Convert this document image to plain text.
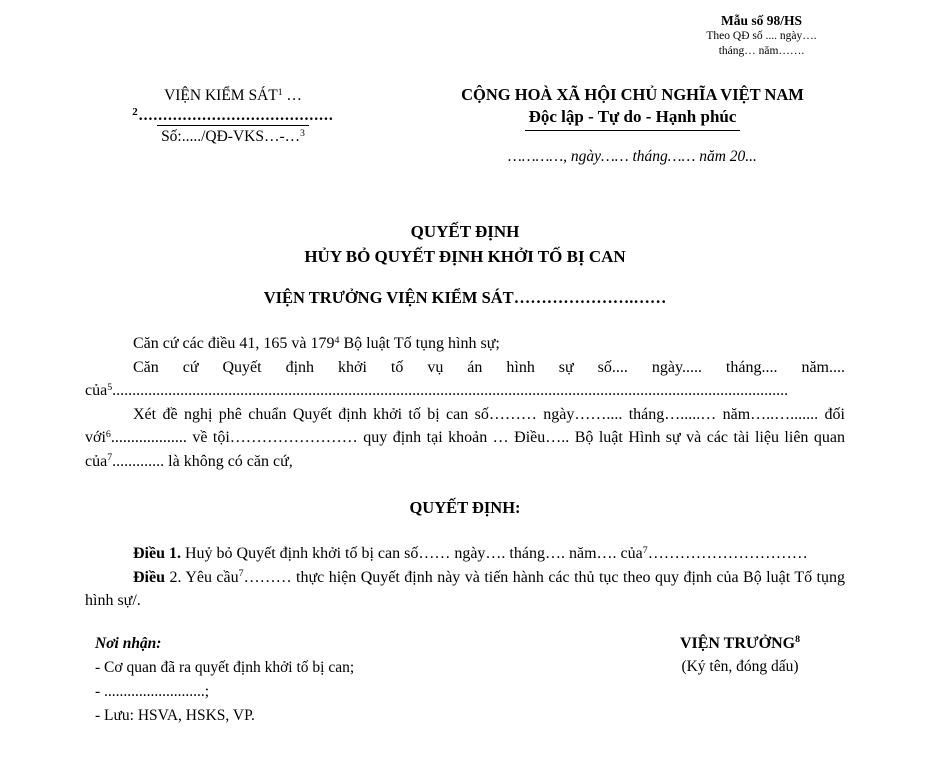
Mẫu số 98/HS
Theo QĐ số .... ngày….
tháng… năm…….
VIỆN KIỂM SÁT$^1$ …
$^2$........................................
Số:...../QĐ-VKS…-…$^3$
CỘNG HOÀ XÃ HỘI CHỦ NGHĨA VIỆT NAM
Độc lập - Tự do - Hạnh phúc
…………, ngày…… tháng…… năm 20...
QUYẾT ĐỊNH
HỦY BỎ QUYẾT ĐỊNH KHỞI TỐ BỊ CAN
VIỆN TRƯỞNG VIỆN KIỂM SÁT………………….……

Căn cứ các điều 41, 165 và $179^4$ Bộ luật Tố tụng hình sự;

Căn cứ Quyết định khởi tố vụ án hình sự số.... ngày..... tháng.... năm.... của$^5$.........................................................................................................................................................................

Xét đề nghị phê chuẩn Quyết định khởi tố bị can số……… ngày…….... tháng….....… năm…..…....... đối với$^6$................... về tội…………………… quy định tại khoản … Điều….. Bộ luật Hình sự và các tài liệu liên quan của$^7$............. là không có căn cứ,

QUYẾT ĐỊNH:

Điều 1. Huỷ bỏ Quyết định khởi tố bị can số…… ngày…. tháng…. năm…. của$^7$…………………………

Điều 2. Yêu cầu$^7$……… thực hiện Quyết định này và tiến hành các thủ tục theo quy định của Bộ luật Tố tụng hình sự/.

Nơi nhận:
- Cơ quan đã ra quyết định khởi tố bị can;
- ..........................;
- Lưu: HSVA, HSKS, VP.
VIỆN TRƯỞNG$^8$
(Ký tên, đóng dấu)
